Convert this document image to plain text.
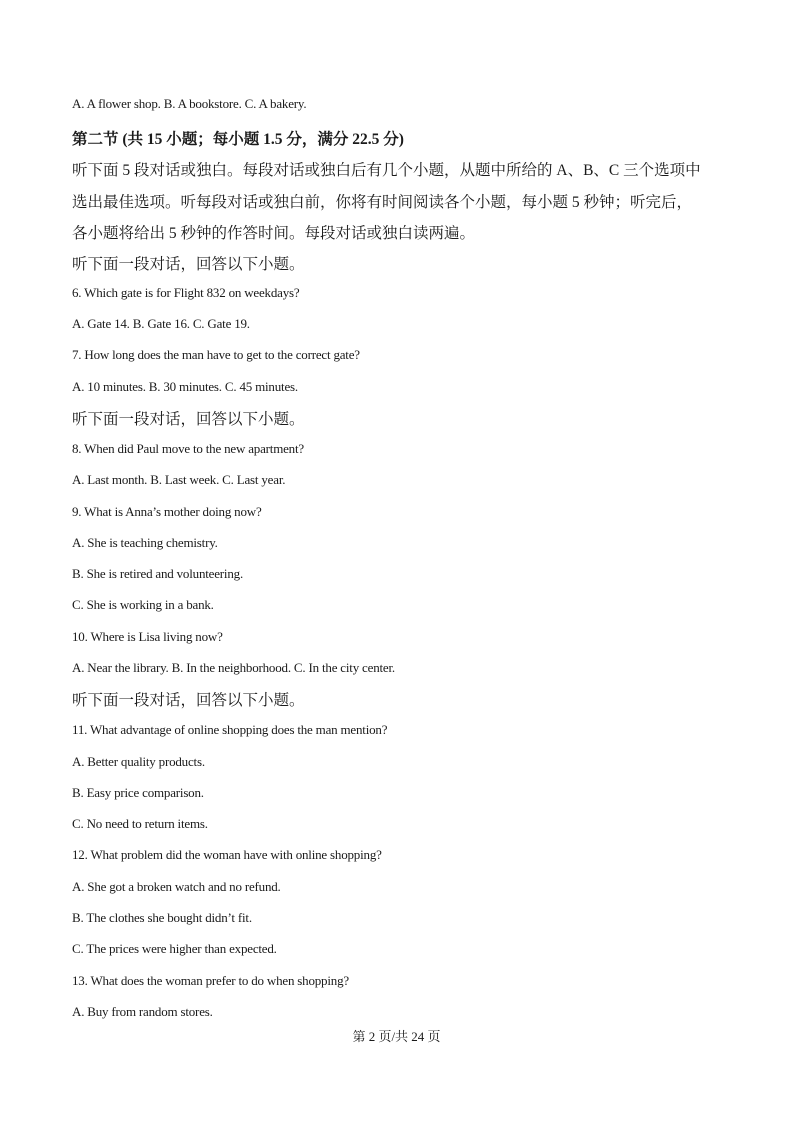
A. A flower shop. B. A bookstore. C. A bakery.
第二节 (共 15 小题；每小题 1.5 分，满分 22.5 分)
听下面 5 段对话或独白。每段对话或独白后有几个小题，从题中所给的 A、B、C 三个选项中
选出最佳选项。听每段对话或独白前，你将有时间阅读各个小题，每小题 5 秒钟；听完后，
各小题将给出 5 秒钟的作答时间。每段对话或独白读两遍。
听下面一段对话，回答以下小题。
6. Which gate is for Flight 832 on weekdays?
A. Gate 14. B. Gate 16. C. Gate 19.
7. How long does the man have to get to the correct gate?
A. 10 minutes. B. 30 minutes. C. 45 minutes.
听下面一段对话，回答以下小题。
8. When did Paul move to the new apartment?
A. Last month. B. Last week. C. Last year.
9. What is Anna’s mother doing now?
A. She is teaching chemistry.
B. She is retired and volunteering.
C. She is working in a bank.
10. Where is Lisa living now?
A. Near the library. B. In the neighborhood. C. In the city center.
听下面一段对话，回答以下小题。
11. What advantage of online shopping does the man mention?
A. Better quality products.
B. Easy price comparison.
C. No need to return items.
12. What problem did the woman have with online shopping?
A. She got a broken watch and no refund.
B. The clothes she bought didn’t fit.
C. The prices were higher than expected.
13. What does the woman prefer to do when shopping?
A. Buy from random stores.
第 2 页/共 24 页
